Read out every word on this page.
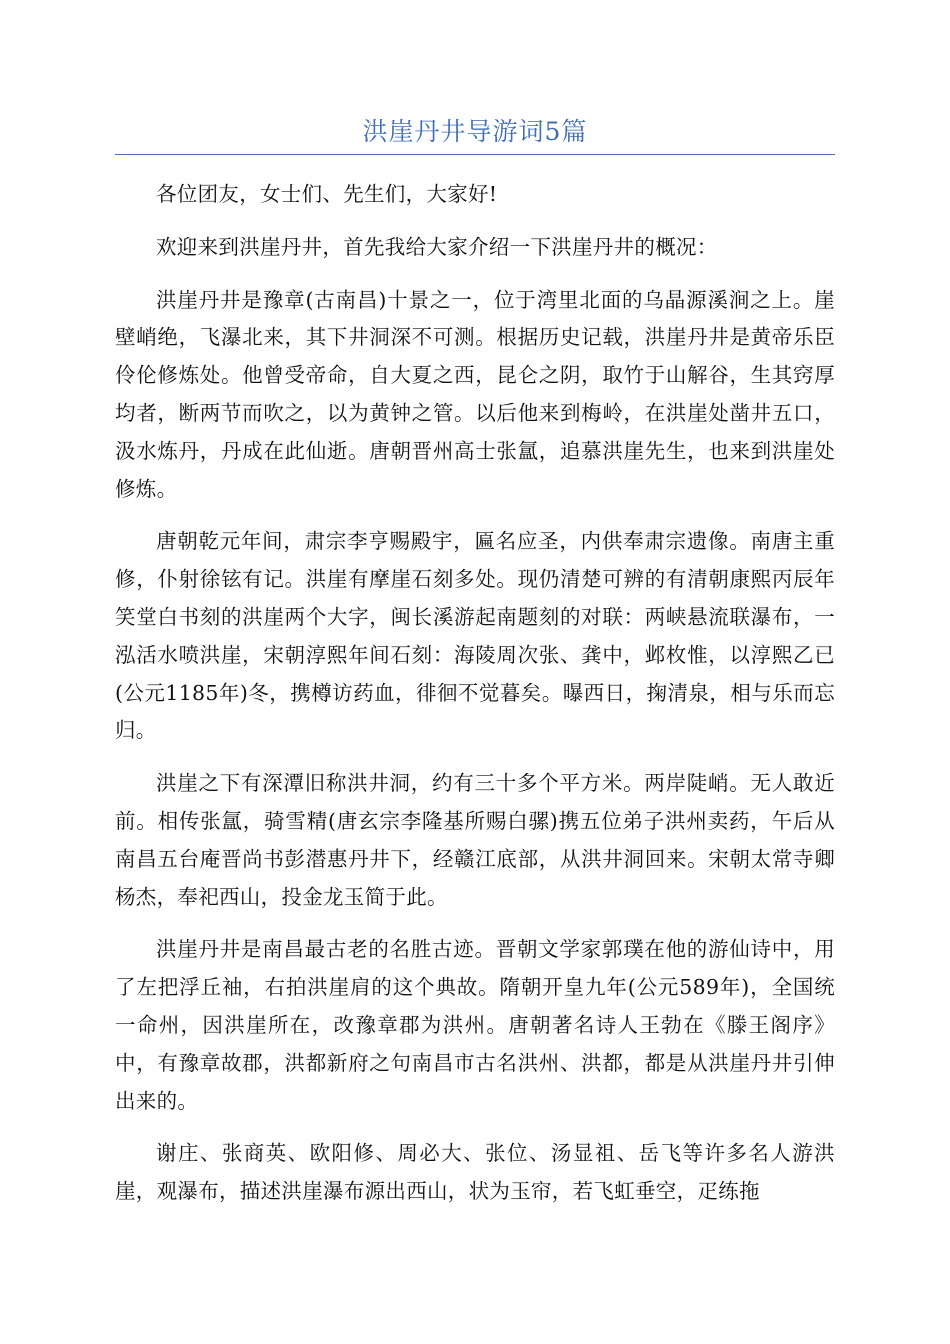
洪崖丹井导游词5篇

各位团友，女士们、先生们，大家好!

欢迎来到洪崖丹井，首先我给大家介绍一下洪崖丹井的概况：

洪崖丹井是豫章(古南昌)十景之一，位于湾里北面的乌晶源溪涧之上。崖壁峭绝，飞瀑北来，其下井洞深不可测。根据历史记载，洪崖丹井是黄帝乐臣伶伦修炼处。他曾受帝命，自大夏之西，昆仑之阴，取竹于山解谷，生其窍厚均者，断两节而吹之，以为黄钟之管。以后他来到梅岭，在洪崖处凿井五口，汲水炼丹，丹成在此仙逝。唐朝晋州高士张氲，追慕洪崖先生，也来到洪崖处修炼。

唐朝乾元年间，肃宗李亨赐殿宇，匾名应圣，内供奉肃宗遗像。南唐主重修，仆射徐铉有记。洪崖有摩崖石刻多处。现仍清楚可辨的有清朝康熙丙辰年笑堂白书刻的洪崖两个大字，闽长溪游起南题刻的对联：两峡悬流联瀑布，一泓活水喷洪崖，宋朝淳熙年间石刻：海陵周次张、龚中，邺枚惟，以淳熙乙已(公元1185年)冬，携樽访药血，徘徊不觉暮矣。曝西日，掬清泉，相与乐而忘归。

洪崖之下有深潭旧称洪井洞，约有三十多个平方米。两岸陡峭。无人敢近前。相传张氲，骑雪精(唐玄宗李隆基所赐白骡)携五位弟子洪州卖药，午后从南昌五台庵晋尚书彭潜惠丹井下，经赣江底部，从洪井洞回来。宋朝太常寺卿杨杰，奉祀西山，投金龙玉简于此。

洪崖丹井是南昌最古老的名胜古迹。晋朝文学家郭璞在他的游仙诗中，用了左把浮丘袖，右拍洪崖肩的这个典故。隋朝开皇九年(公元589年)，全国统一命州，因洪崖所在，改豫章郡为洪州。唐朝著名诗人王勃在《滕王阁序》中，有豫章故郡，洪都新府之句南昌市古名洪州、洪都，都是从洪崖丹井引伸出来的。

谢庄、张商英、欧阳修、周必大、张位、汤显祖、岳飞等许多名人游洪崖，观瀑布，描述洪崖瀑布源出西山，状为玉帘，若飞虹垂空，疋练拖
